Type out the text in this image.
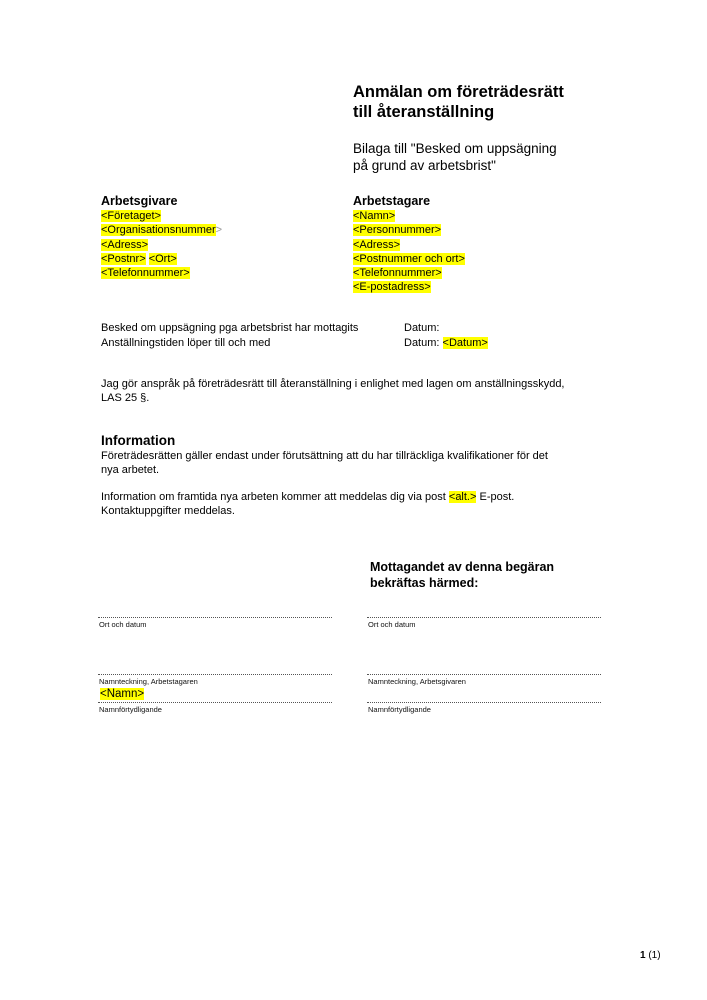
Anmälan om företrädesrätt
till återanställning
Bilaga till "Besked om uppsägning
på grund av arbetsbrist"
Arbetsgivare
<Företaget>
<Organisationsnummer>
<Adress>
<Postnr> <Ort>
<Telefonnummer>
Arbetstagare
<Namn>
<Personnummer>
<Adress>
<Postnummer och ort>
<Telefonnummer>
<E-postadress>
Besked om uppsägning pga arbetsbrist har mottagits	Datum:
Anställningstiden löper till och med	Datum: <Datum>
Jag gör anspråk på företrädesrätt till återanställning i enlighet med lagen om anställningsskydd,
LAS 25 §.
Information
Företrädesrätten gäller endast under förutsättning att du har tillräckliga kvalifikationer för det
nya arbetet.
Information om framtida nya arbeten kommer att meddelas dig via post <alt.> E-post.
Kontaktuppgifter meddelas.
Mottagandet av denna begäran
bekräftas härmed:
Ort och datum
Namnteckning, Arbetstagaren
<Namn>
Namnförtydligande
Ort och datum
Namnteckning, Arbetsgivaren
Namnförtydligande
1 (1)
